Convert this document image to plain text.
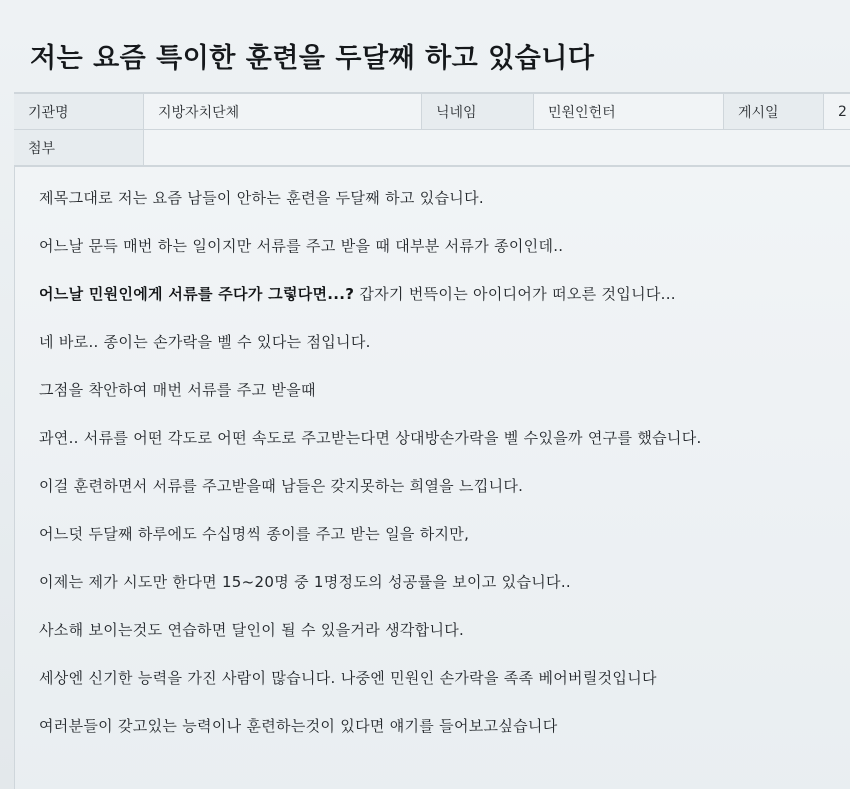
저는 요즘 특이한 훈련을 두달째 하고 있습니다
기관명	지방자치단체	닉네임	민원인헌터	게시일	2
첨부
제목그대로 저는 요즘 남들이 안하는 훈련을 두달째 하고 있습니다.
어느날 문득 매번 하는 일이지만 서류를 주고 받을 때 대부분 서류가 종이인데..
어느날 민원인에게 서류를 주다가 그렇다면...? 갑자기 번뜩이는 아이디어가 떠오른 것입니다...
네 바로.. 종이는 손가락을 벨 수 있다는 점입니다.
그점을 착안하여 매번 서류를 주고 받을때
과연.. 서류를 어떤 각도로 어떤 속도로 주고받는다면 상대방손가락을 벨 수있을까 연구를 했습니다.
이걸 훈련하면서 서류를 주고받을때 남들은 갖지못하는 희열을 느낍니다.
어느덧 두달째 하루에도 수십명씩 종이를 주고 받는 일을 하지만,
이제는 제가 시도만 한다면 15~20명 중 1명정도의 성공률을 보이고 있습니다..
사소해 보이는것도 연습하면 달인이 될 수 있을거라 생각합니다.
세상엔 신기한 능력을 가진 사람이 많습니다. 나중엔 민원인 손가락을 족족 베어버릴것입니다
여러분들이 갖고있는 능력이나 훈련하는것이 있다면 얘기를 들어보고싶습니다
